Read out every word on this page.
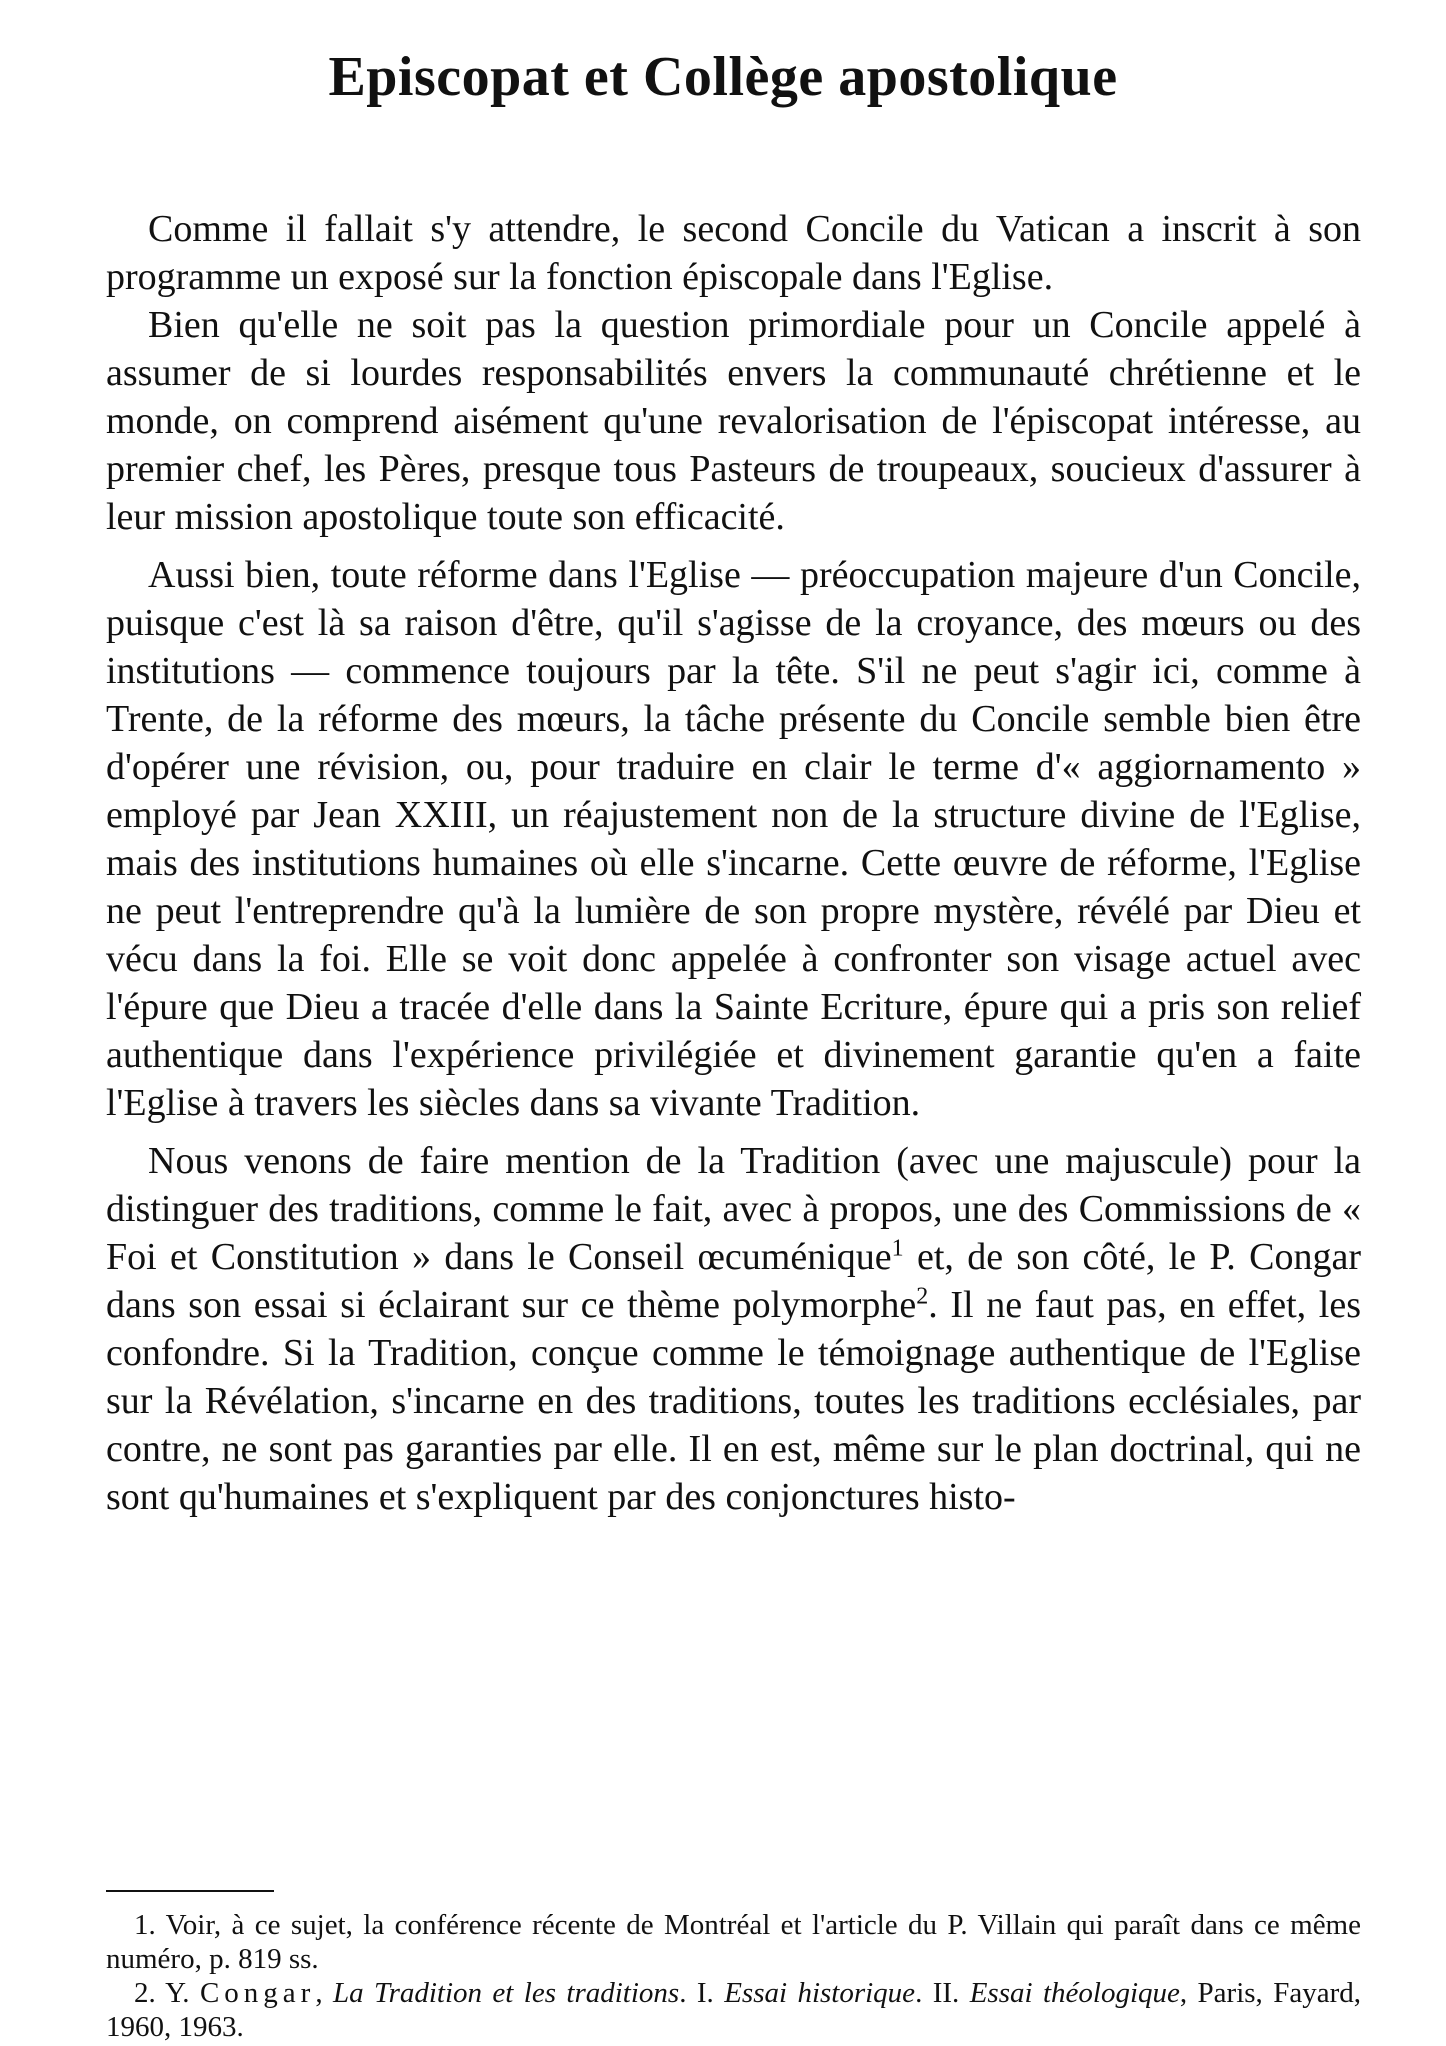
Episcopat et Collège apostolique

Comme il fallait s'y attendre, le second Concile du Vatican a inscrit à son programme un exposé sur la fonction épiscopale dans l'Eglise.

Bien qu'elle ne soit pas la question primordiale pour un Concile appelé à assumer de si lourdes responsabilités envers la communauté chrétienne et le monde, on comprend aisément qu'une revalorisation de l'épiscopat intéresse, au premier chef, les Pères, presque tous Pasteurs de troupeaux, soucieux d'assurer à leur mission apostolique toute son efficacité.

Aussi bien, toute réforme dans l'Eglise — préoccupation majeure d'un Concile, puisque c'est là sa raison d'être, qu'il s'agisse de la croyance, des mœurs ou des institutions — commence toujours par la tête. S'il ne peut s'agir ici, comme à Trente, de la réforme des mœurs, la tâche présente du Concile semble bien être d'opérer une révision, ou, pour traduire en clair le terme d'« aggiornamento » employé par Jean XXIII, un réajustement non de la structure divine de l'Eglise, mais des institutions humaines où elle s'incarne. Cette œuvre de réforme, l'Eglise ne peut l'entreprendre qu'à la lumière de son propre mystère, révélé par Dieu et vécu dans la foi. Elle se voit donc appelée à confronter son visage actuel avec l'épure que Dieu a tracée d'elle dans la Sainte Ecriture, épure qui a pris son relief authentique dans l'expérience privilégiée et divinement garantie qu'en a faite l'Eglise à travers les siècles dans sa vivante Tradition.

Nous venons de faire mention de la Tradition (avec une majuscule) pour la distinguer des traditions, comme le fait, avec à propos, une des Commissions de « Foi et Constitution » dans le Conseil œcuménique$^1$ et, de son côté, le P. Congar dans son essai si éclairant sur ce thème polymorphe$^2$. Il ne faut pas, en effet, les confondre. Si la Tradition, conçue comme le témoignage authentique de l'Eglise sur la Révélation, s'incarne en des traditions, toutes les traditions ecclésiales, par contre, ne sont pas garanties par elle. Il en est, même sur le plan doctrinal, qui ne sont qu'humaines et s'expliquent par des conjonctures histo-

1. Voir, à ce sujet, la conférence récente de Montréal et l'article du P. Villain qui paraît dans ce même numéro, p. 819 ss.

2. Y. Congar, La Tradition et les traditions. I. Essai historique. II. Essai théologique, Paris, Fayard, 1960, 1963.
